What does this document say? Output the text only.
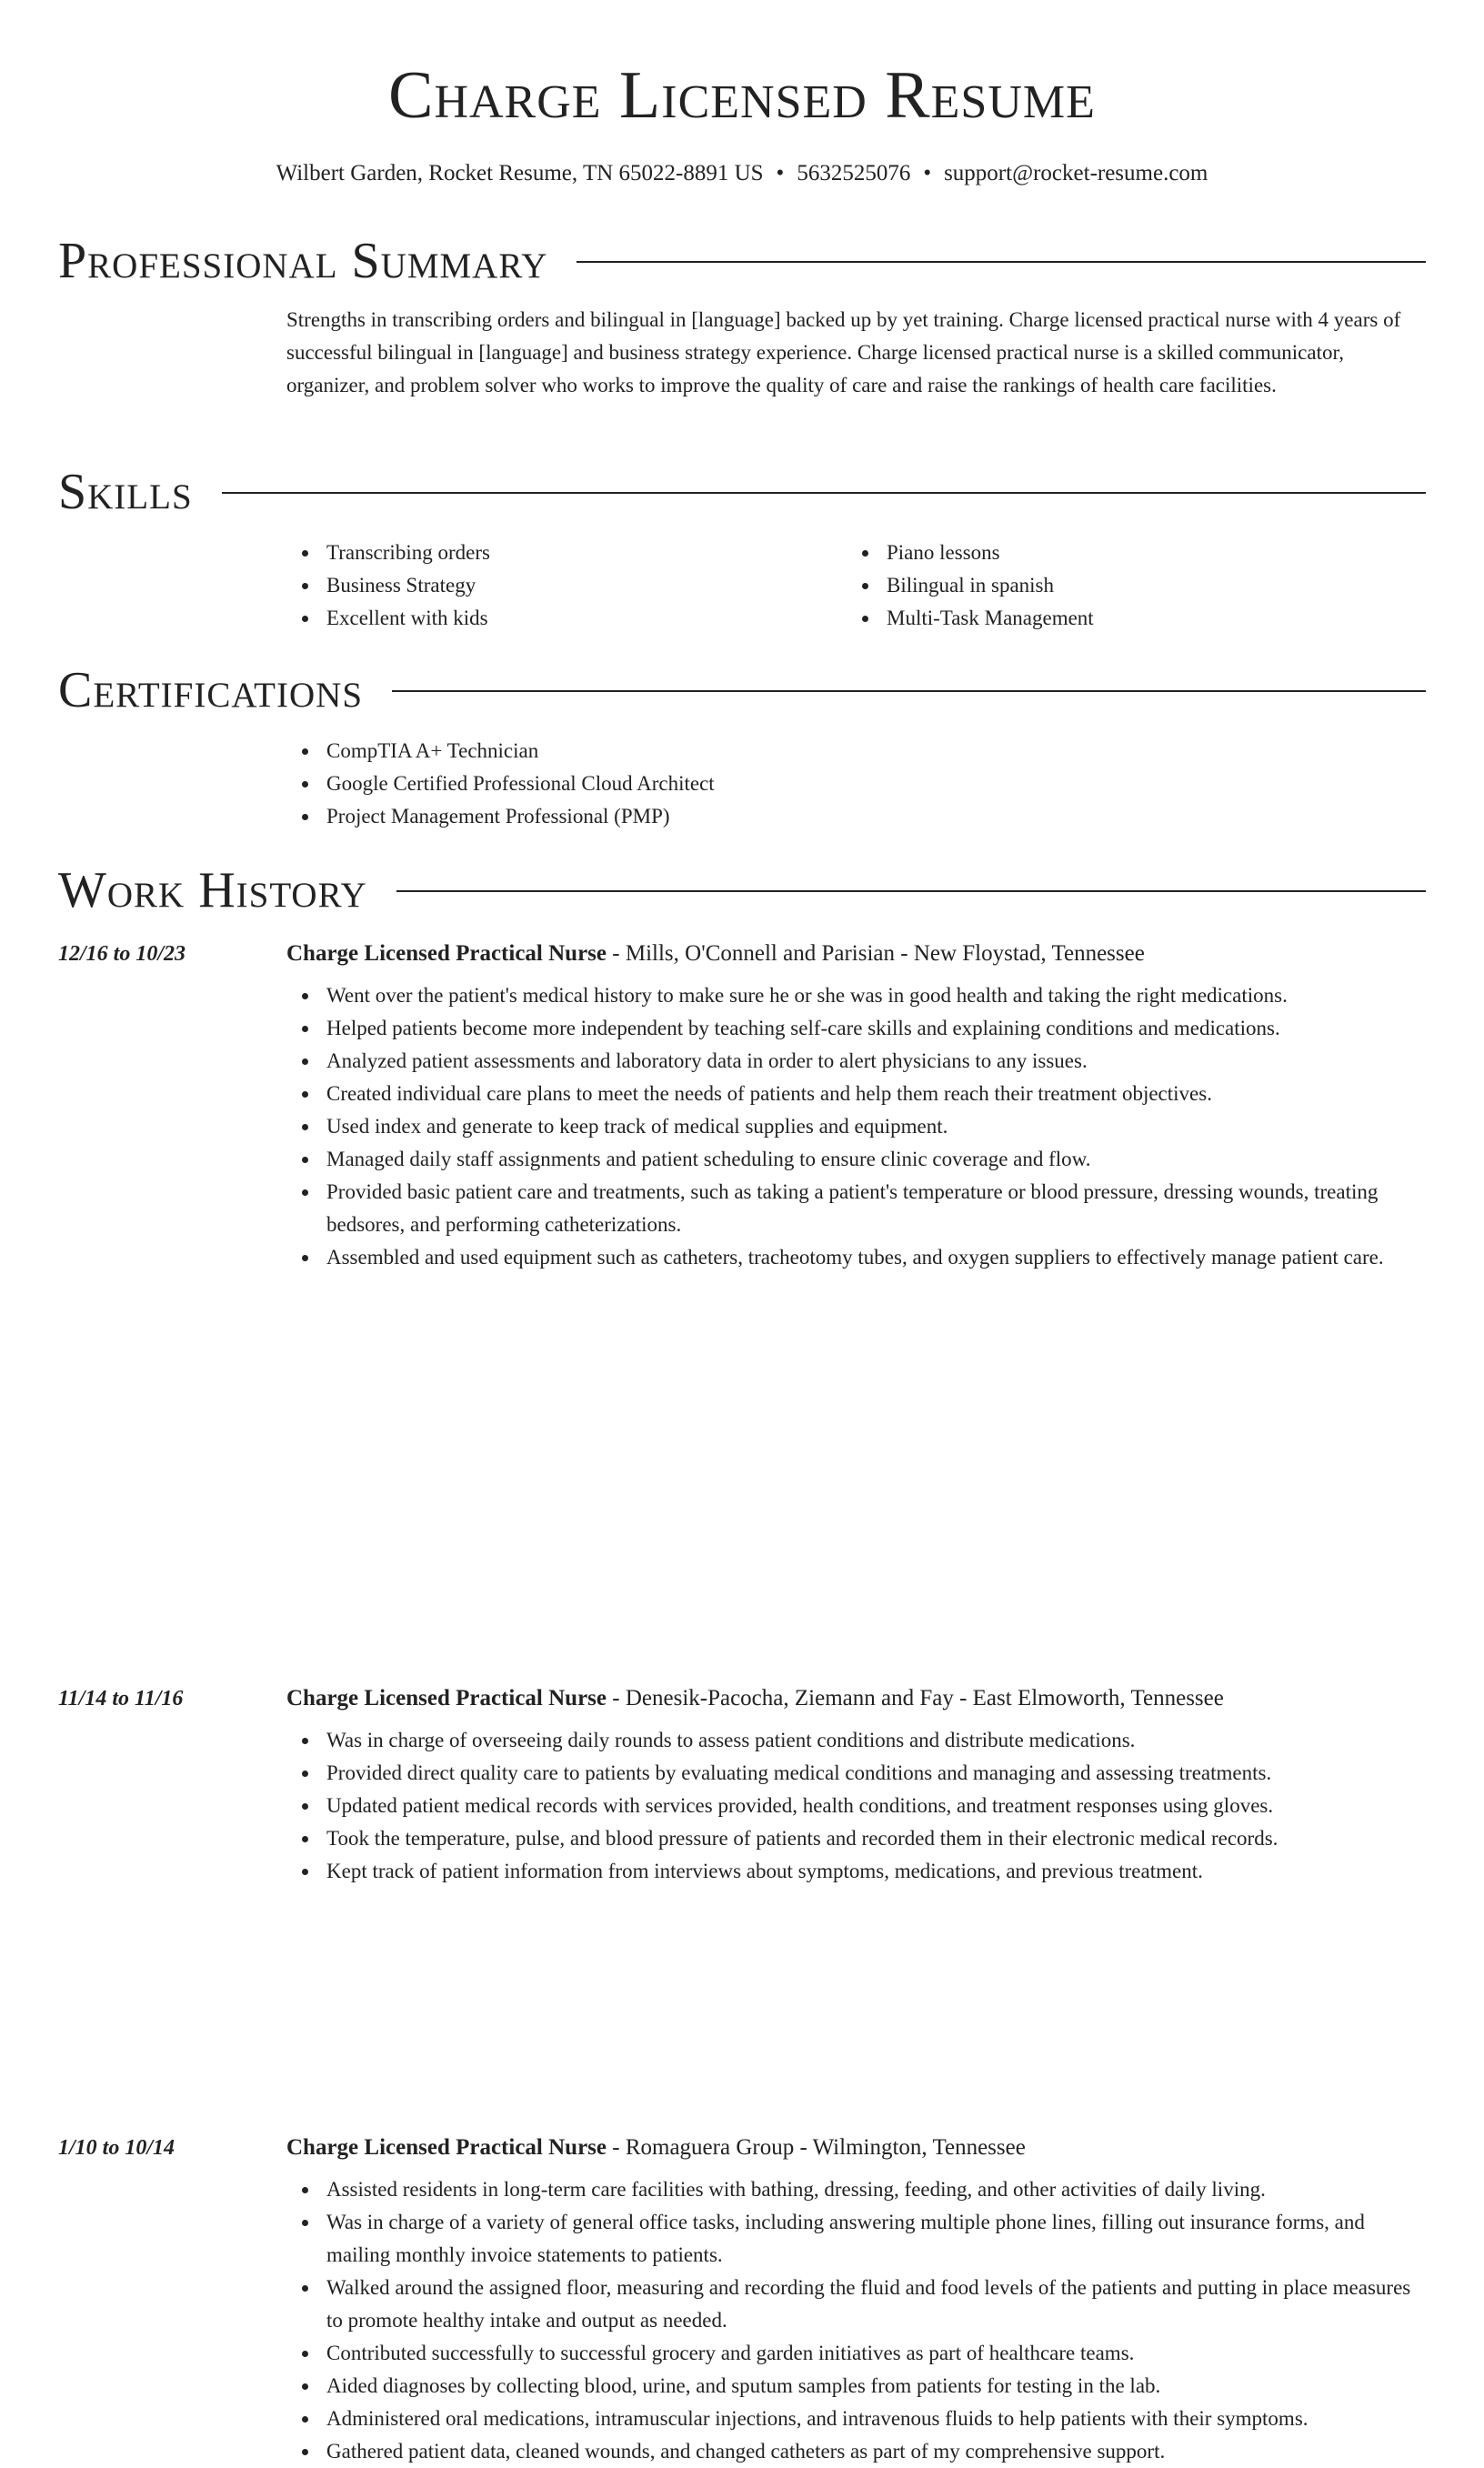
Charge Licensed Resume
Wilbert Garden, Rocket Resume, TN 65022-8891 US • 5632525076 • support@rocket-resume.com
Professional Summary

Strengths in transcribing orders and bilingual in [language] backed up by yet training. Charge licensed practical nurse with 4 years of successful bilingual in [language] and business strategy experience. Charge licensed practical nurse is a skilled communicator, organizer, and problem solver who works to improve the quality of care and raise the rankings of health care facilities.

Skills
Transcribing orders
Business Strategy
Excellent with kids
Piano lessons
Bilingual in spanish
Multi-Task Management
Certifications
CompTIA A+ Technician
Google Certified Professional Cloud Architect
Project Management Professional (PMP)
Work History
12/16 to 10/23	Charge Licensed Practical Nurse - Mills, O'Connell and Parisian - New Floystad, Tennessee
Went over the patient's medical history to make sure he or she was in good health and taking the right medications.
Helped patients become more independent by teaching self-care skills and explaining conditions and medications.
Analyzed patient assessments and laboratory data in order to alert physicians to any issues.
Created individual care plans to meet the needs of patients and help them reach their treatment objectives.
Used index and generate to keep track of medical supplies and equipment.
Managed daily staff assignments and patient scheduling to ensure clinic coverage and flow.
Provided basic patient care and treatments, such as taking a patient's temperature or blood pressure, dressing wounds, treating bedsores, and performing catheterizations.
Assembled and used equipment such as catheters, tracheotomy tubes, and oxygen suppliers to effectively manage patient care.
11/14 to 11/16	Charge Licensed Practical Nurse - Denesik-Pacocha, Ziemann and Fay - East Elmoworth, Tennessee
Was in charge of overseeing daily rounds to assess patient conditions and distribute medications.
Provided direct quality care to patients by evaluating medical conditions and managing and assessing treatments.
Updated patient medical records with services provided, health conditions, and treatment responses using gloves.
Took the temperature, pulse, and blood pressure of patients and recorded them in their electronic medical records.
Kept track of patient information from interviews about symptoms, medications, and previous treatment.
1/10 to 10/14	Charge Licensed Practical Nurse - Romaguera Group - Wilmington, Tennessee
Assisted residents in long-term care facilities with bathing, dressing, feeding, and other activities of daily living.
Was in charge of a variety of general office tasks, including answering multiple phone lines, filling out insurance forms, and mailing monthly invoice statements to patients.
Walked around the assigned floor, measuring and recording the fluid and food levels of the patients and putting in place measures to promote healthy intake and output as needed.
Contributed successfully to successful grocery and garden initiatives as part of healthcare teams.
Aided diagnoses by collecting blood, urine, and sputum samples from patients for testing in the lab.
Administered oral medications, intramuscular injections, and intravenous fluids to help patients with their symptoms.
Gathered patient data, cleaned wounds, and changed catheters as part of my comprehensive support.
